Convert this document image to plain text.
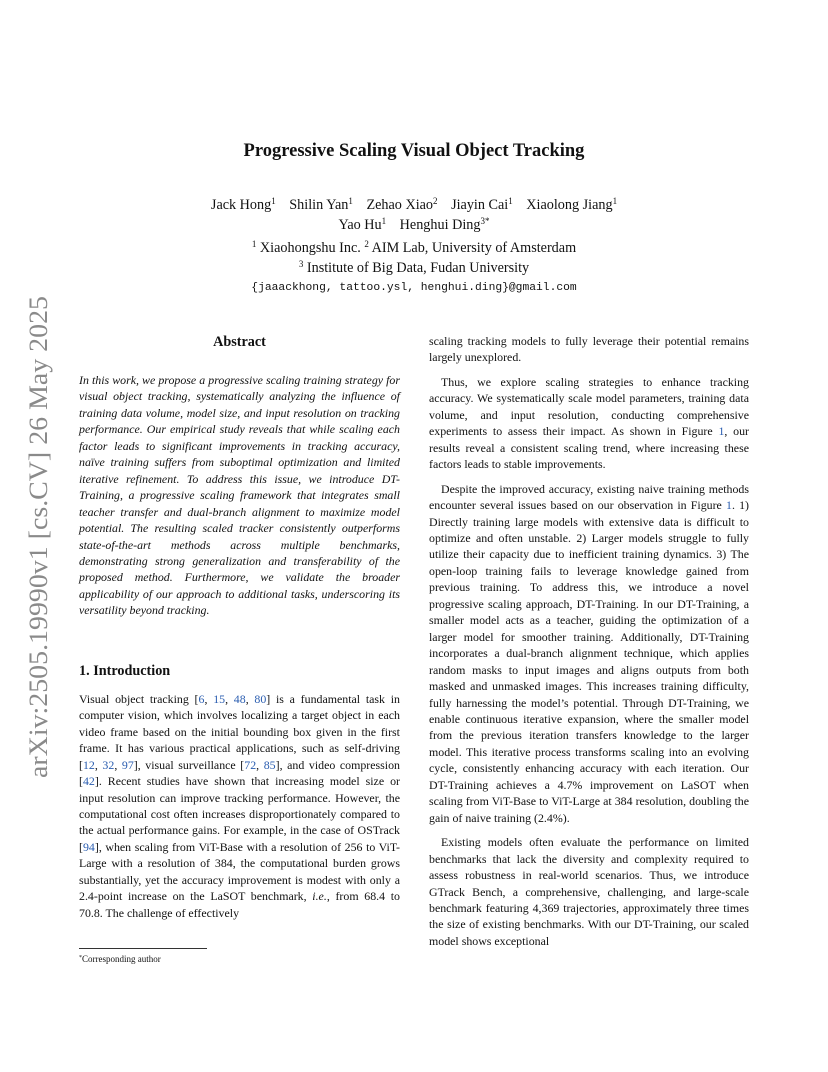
arXiv:2505.19990v1 [cs.CV] 26 May 2025
Progressive Scaling Visual Object Tracking
Jack Hong$^1$ Shilin Yan$^1$ Zehao Xiao$^2$ Jiayin Cai$^1$ Xiaolong Jiang$^1$
Yao Hu$^1$ Henghui Ding$^{3*}$
$^1$ Xiaohongshu Inc. $^2$ AIM Lab, University of Amsterdam
$^3$ Institute of Big Data, Fudan University
{jaaackhong, tattoo.ysl, henghui.ding}@gmail.com
Abstract

In this work, we propose a progressive scaling training strategy for visual object tracking, systematically analyzing the influence of training data volume, model size, and input resolution on tracking performance. Our empirical study reveals that while scaling each factor leads to significant improvements in tracking accuracy, naïve training suffers from suboptimal optimization and limited iterative refinement. To address this issue, we introduce DT-Training, a progressive scaling framework that integrates small teacher transfer and dual-branch alignment to maximize model potential. The resulting scaled tracker consistently outperforms state-of-the-art methods across multiple benchmarks, demonstrating strong generalization and transferability of the proposed method. Furthermore, we validate the broader applicability of our approach to additional tasks, underscoring its versatility beyond tracking.

1. Introduction

Visual object tracking [6, 15, 48, 80] is a fundamental task in computer vision, which involves localizing a target object in each video frame based on the initial bounding box given in the first frame. It has various practical applications, such as self-driving [12, 32, 97], visual surveillance [72, 85], and video compression [42]. Recent studies have shown that increasing model size or input resolution can improve tracking performance. However, the computational cost often increases disproportionately compared to the actual performance gains. For example, in the case of OSTrack [94], when scaling from ViT-Base with a resolution of 256 to ViT-Large with a resolution of 384, the computational burden grows substantially, yet the accuracy improvement is modest with only a 2.4-point increase on the LaSOT benchmark, i.e., from 68.4 to 70.8. The challenge of effectively

*Corresponding author

scaling tracking models to fully leverage their potential remains largely unexplored.

Thus, we explore scaling strategies to enhance tracking accuracy. We systematically scale model parameters, training data volume, and input resolution, conducting comprehensive experiments to assess their impact. As shown in Figure 1, our results reveal a consistent scaling trend, where increasing these factors leads to stable improvements.

Despite the improved accuracy, existing naive training methods encounter several issues based on our observation in Figure 1. 1) Directly training large models with extensive data is difficult to optimize and often unstable. 2) Larger models struggle to fully utilize their capacity due to inefficient training dynamics. 3) The open-loop training fails to leverage knowledge gained from previous training. To address this, we introduce a novel progressive scaling approach, DT-Training. In our DT-Training, a smaller model acts as a teacher, guiding the optimization of a larger model for smoother training. Additionally, DT-Training incorporates a dual-branch alignment technique, which applies random masks to input images and aligns outputs from both masked and unmasked images. This increases training difficulty, fully harnessing the model’s potential. Through DT-Training, we enable continuous iterative expansion, where the smaller model from the previous iteration transfers knowledge to the larger model. This iterative process transforms scaling into an evolving cycle, consistently enhancing accuracy with each iteration. Our DT-Training achieves a 4.7% improvement on LaSOT when scaling from ViT-Base to ViT-Large at 384 resolution, doubling the gain of naive training (2.4%).

Existing models often evaluate the performance on limited benchmarks that lack the diversity and complexity required to assess robustness in real-world scenarios. Thus, we introduce GTrack Bench, a comprehensive, challenging, and large-scale benchmark featuring 4,369 trajectories, approximately three times the size of existing benchmarks. With our DT-Training, our scaled model shows exceptional
